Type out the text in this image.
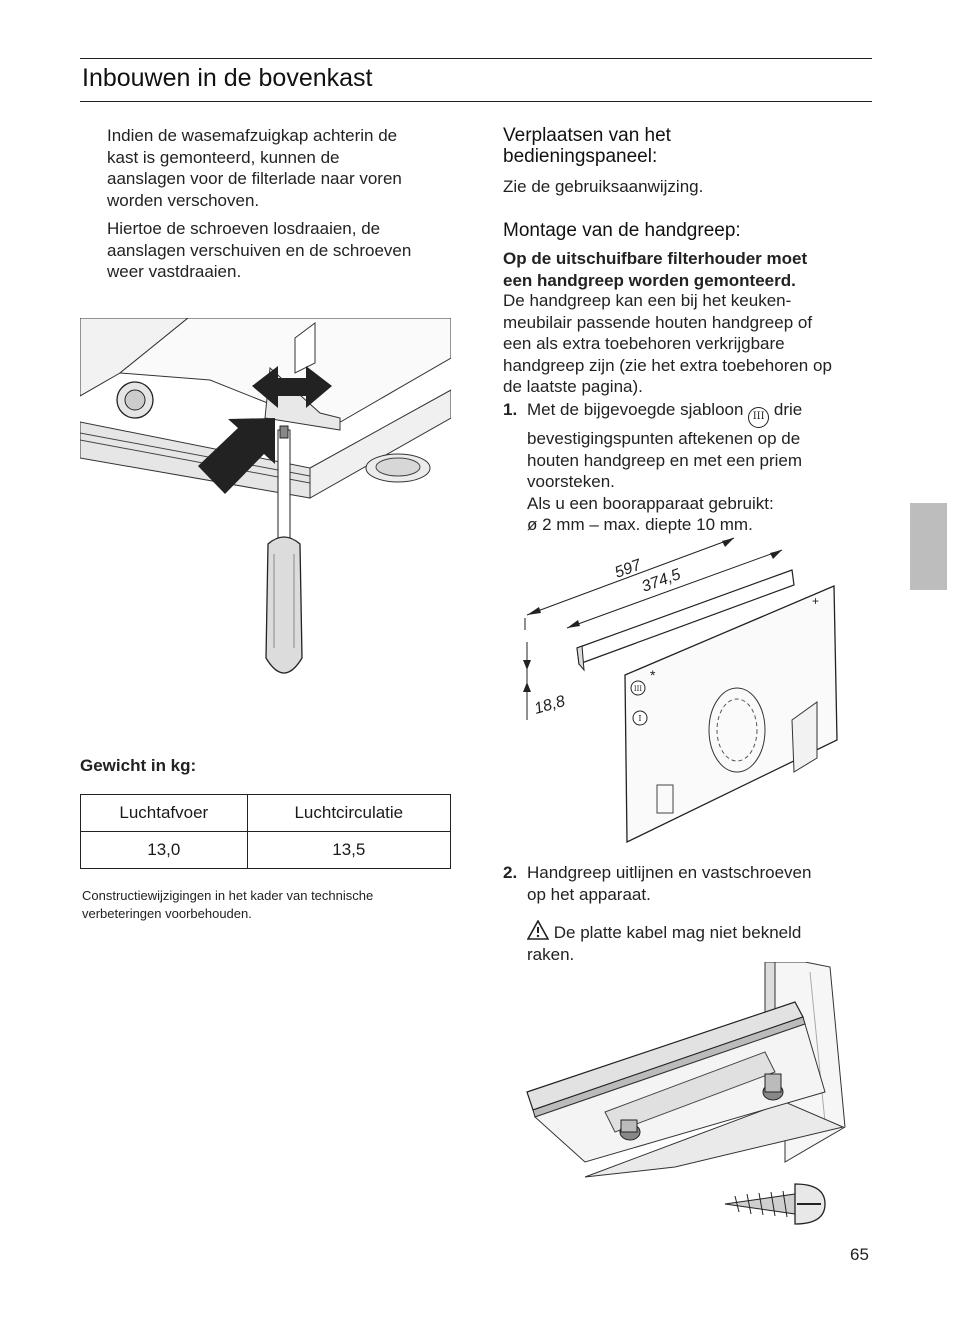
Inbouwen in de bovenkast
Indien de wasemafzuigkap achterin de
kast is gemonteerd, kunnen de
aanslagen voor de filterlade naar voren
worden verschoven.
Hiertoe de schroeven losdraaien, de
aanslagen verschuiven en de schroeven
weer vastdraaien.
Gewicht in kg:
Luchtafvoer	Luchtcirculatie
13,0	13,5
Constructiewijzigingen in het kader van technische
verbeteringen voorbehouden.
Verplaatsen van het
bedieningspaneel:
Zie de gebruiksaanwijzing.
Montage van de handgreep:
Op de uitschuifbare filterhouder moet
een handgreep worden gemonteerd.
De handgreep kan een bij het keuken-
meubilair passende houten handgreep of
een als extra toebehoren verkrijgbare
handgreep zijn (zie het extra toebehoren op
de laatste pagina).
1. Met de bijgevoegde sjabloon III drie
bevestigingspunten aftekenen op de
houten handgreep en met een priem
voorsteken.
Als u een boorapparaat gebruikt:
ø 2 mm – max. diepte 10 mm.
597
374,5
18,8
III
I
*
+
2. Handgreep uitlijnen en vastschroeven
op het apparaat.
De platte kabel mag niet bekneld
raken.
65
